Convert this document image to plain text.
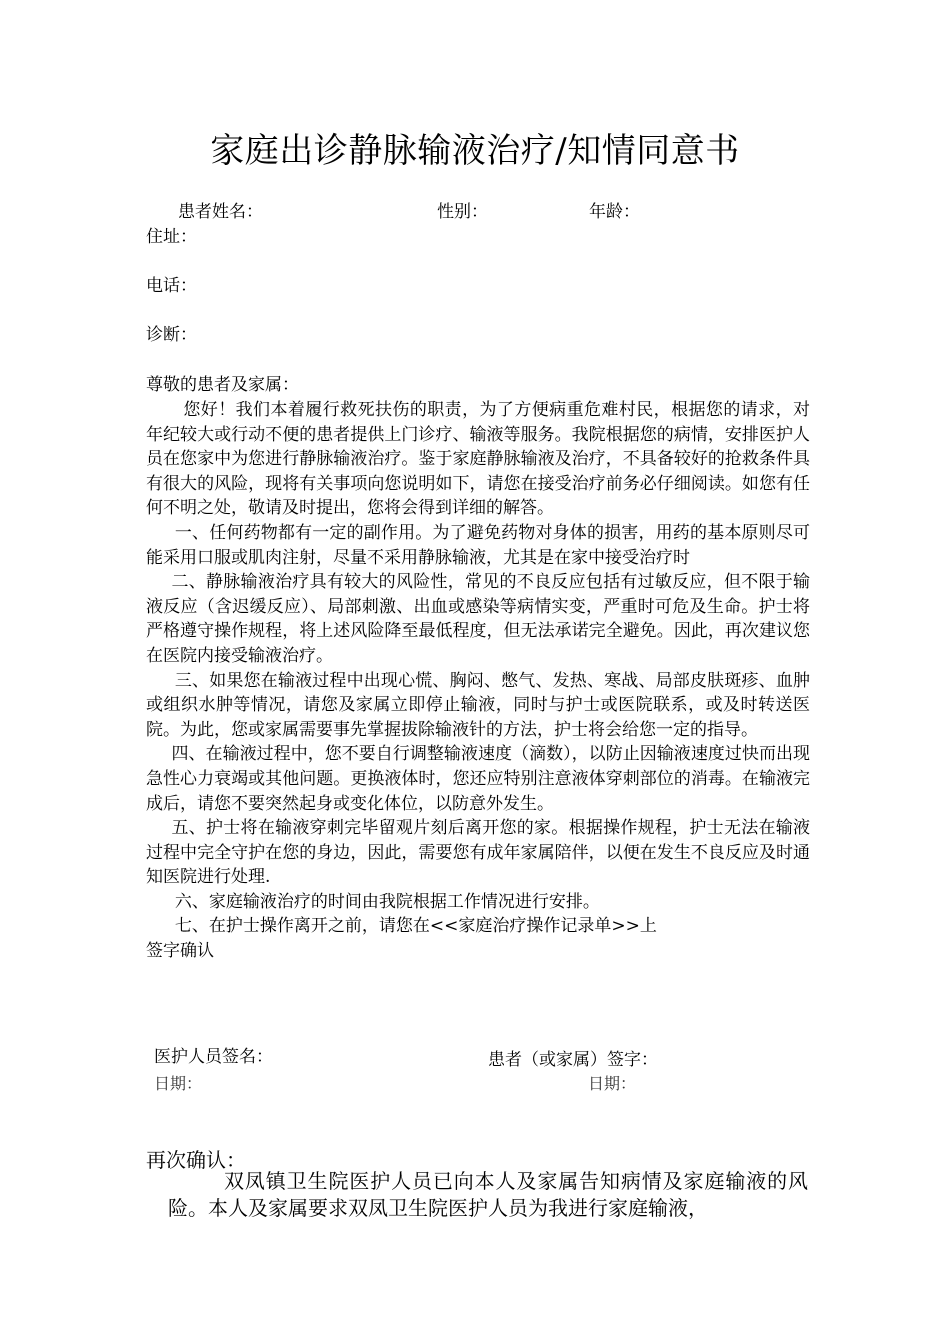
家庭出诊静脉输液治疗/知情同意书
患者姓名：	性别：	年龄：
住址：
电话：
诊断：
尊敬的患者及家属：

您好！我们本着履行救死扶伤的职责，为了方便病重危难村民，根据您的请求，对年纪较大或行动不便的患者提供上门诊疗、输液等服务。我院根据您的病情，安排医护人员在您家中为您进行静脉输液治疗。鉴于家庭静脉输液及治疗，不具备较好的抢救条件具有很大的风险，现将有关事项向您说明如下，请您在接受治疗前务必仔细阅读。如您有任何不明之处，敬请及时提出，您将会得到详细的解答。

一、任何药物都有一定的副作用。为了避免药物对身体的损害，用药的基本原则尽可能采用口服或肌肉注射，尽量不采用静脉输液，尤其是在家中接受治疗时

二、静脉输液治疗具有较大的风险性，常见的不良反应包括有过敏反应，但不限于输液反应（含迟缓反应）、局部刺激、出血或感染等病情实变，严重时可危及生命。护士将严格遵守操作规程，将上述风险降至最低程度，但无法承诺完全避免。因此，再次建议您在医院内接受输液治疗。

三、如果您在输液过程中出现心慌、胸闷、憋气、发热、寒战、局部皮肤斑疹、血肿或组织水肿等情况，请您及家属立即停止输液，同时与护士或医院联系，或及时转送医院。为此，您或家属需要事先掌握拔除输液针的方法，护士将会给您一定的指导。

四、在输液过程中，您不要自行调整输液速度（滴数），以防止因输液速度过快而出现急性心力衰竭或其他问题。更换液体时，您还应特别注意液体穿刺部位的消毒。在输液完成后，请您不要突然起身或变化体位，以防意外发生。

五、护士将在输液穿刺完毕留观片刻后离开您的家。根据操作规程，护士无法在输液过程中完全守护在您的身边，因此，需要您有成年家属陪伴，以便在发生不良反应及时通知医院进行处理.

六、家庭输液治疗的时间由我院根据工作情况进行安排。

七、在护士操作离开之前，请您在<<家庭治疗操作记录单>>上

签字确认

医护人员签名：	患者（或家属）签字：
日期：	日期：
再次确认：

双凤镇卫生院医护人员已向本人及家属告知病情及家庭输液的风险。本人及家属要求双凤卫生院医护人员为我进行家庭输液，
